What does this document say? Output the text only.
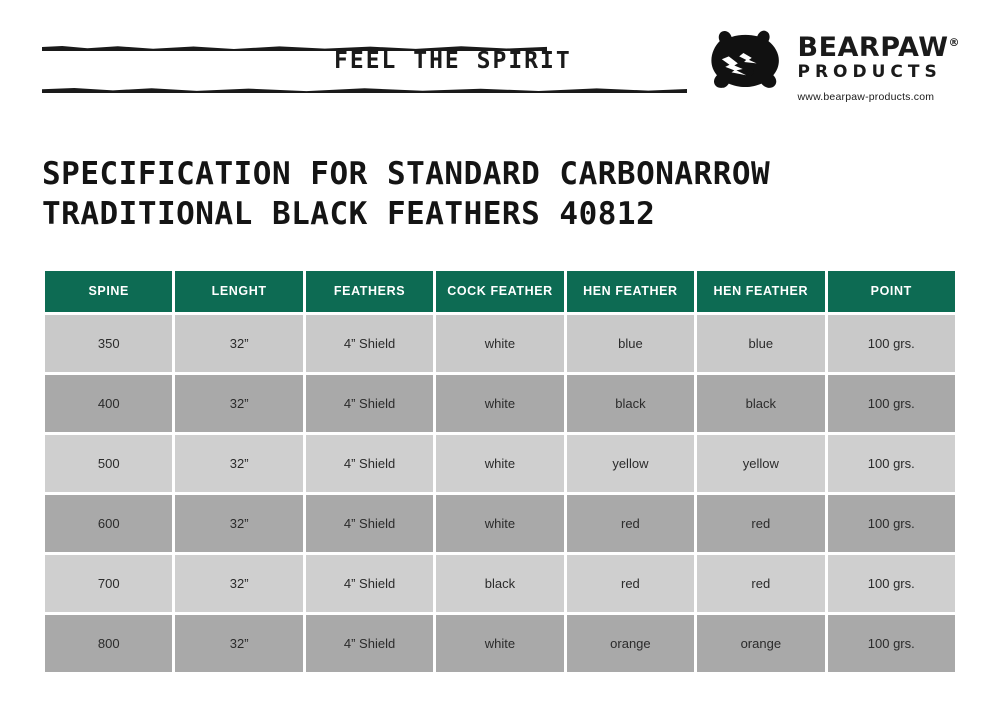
FEEL THE SPIRIT	BEARPAW®
PRODUCTS
www.bearpaw-products.com
SPECIFICATION FOR STANDARD CARBONARROW
TRADITIONAL BLACK FEATHERS 40812
SPINE	LENGHT	FEATHERS	COCK FEATHER	HEN FEATHER	HEN FEATHER	POINT
350	32”	4” Shield	white	blue	blue	100 grs.
400	32”	4” Shield	white	black	black	100 grs.
500	32”	4” Shield	white	yellow	yellow	100 grs.
600	32”	4” Shield	white	red	red	100 grs.
700	32”	4” Shield	black	red	red	100 grs.
800	32”	4” Shield	white	orange	orange	100 grs.
